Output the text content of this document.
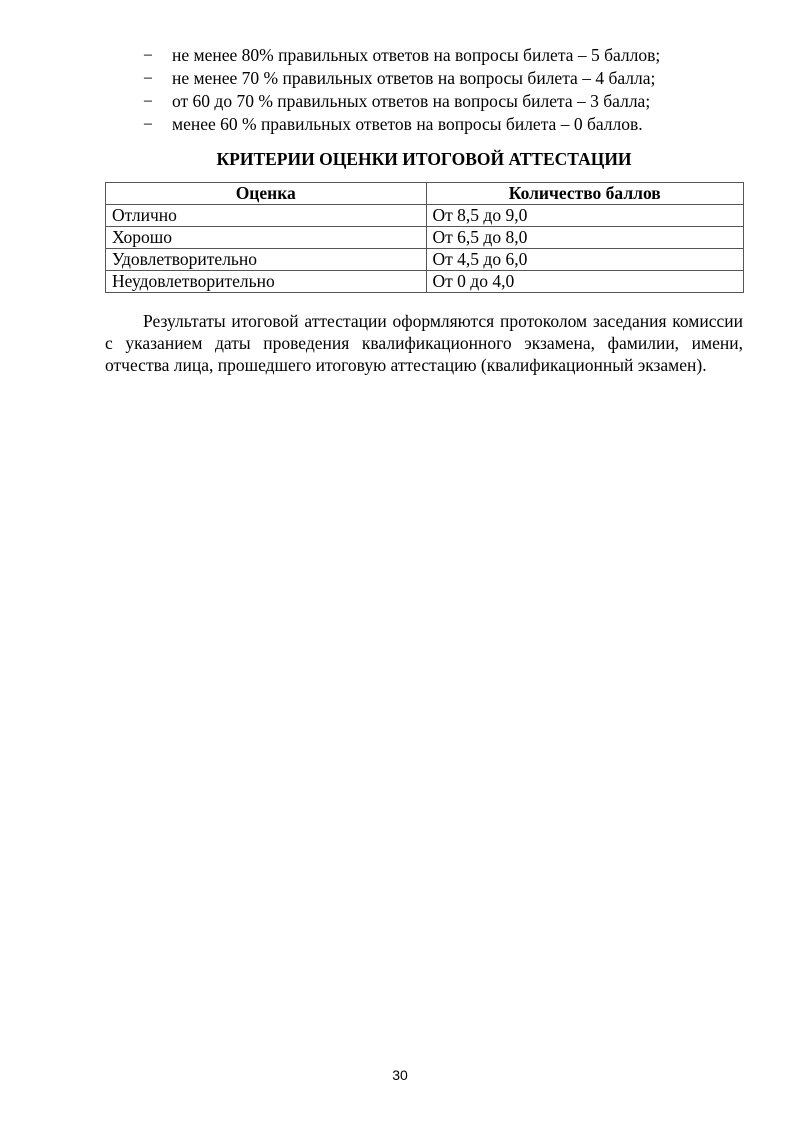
− не менее 80% правильных ответов на вопросы билета – 5 баллов;
− не менее 70 % правильных ответов на вопросы билета – 4 балла;
− от 60 до 70 % правильных ответов на вопросы билета – 3 балла;
− менее 60 % правильных ответов на вопросы билета – 0 баллов.
КРИТЕРИИ ОЦЕНКИ ИТОГОВОЙ АТТЕСТАЦИИ
Оценка	Количество баллов
Отлично	От 8,5 до 9,0
Хорошо	От 6,5 до 8,0
Удовлетворительно	От 4,5 до 6,0
Неудовлетворительно	От 0 до 4,0

Результаты итоговой аттестации оформляются протоколом заседания комиссии с указанием даты проведения квалификационного экзамена, фамилии, имени, отчества лица, прошедшего итоговую аттестацию (квалификационный экзамен).

30
